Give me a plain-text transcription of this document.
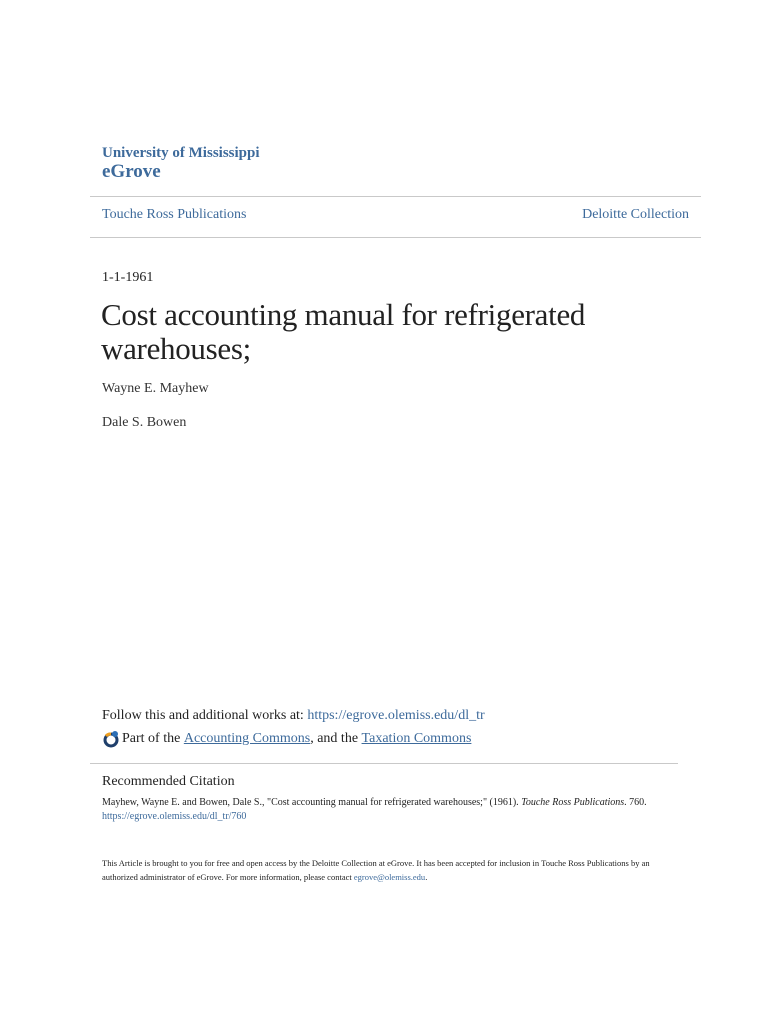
University of Mississippi
eGrove
Touche Ross Publications	Deloitte Collection
1-1-1961
Cost accounting manual for refrigerated
warehouses;
Wayne E. Mayhew
Dale S. Bowen
Follow this and additional works at: https://egrove.olemiss.edu/dl_tr
Part of the
Accounting Commons , and the
Taxation Commons
Recommended Citation
Mayhew, Wayne E. and Bowen, Dale S., "Cost accounting manual for refrigerated warehouses;" (1961). Touche Ross Publications. 760.
https://egrove.olemiss.edu/dl_tr/760
This Article is brought to you for free and open access by the Deloitte Collection at eGrove. It has been accepted for inclusion in Touche Ross Publications by an authorized administrator of eGrove. For more information, please contact egrove@olemiss.edu.
